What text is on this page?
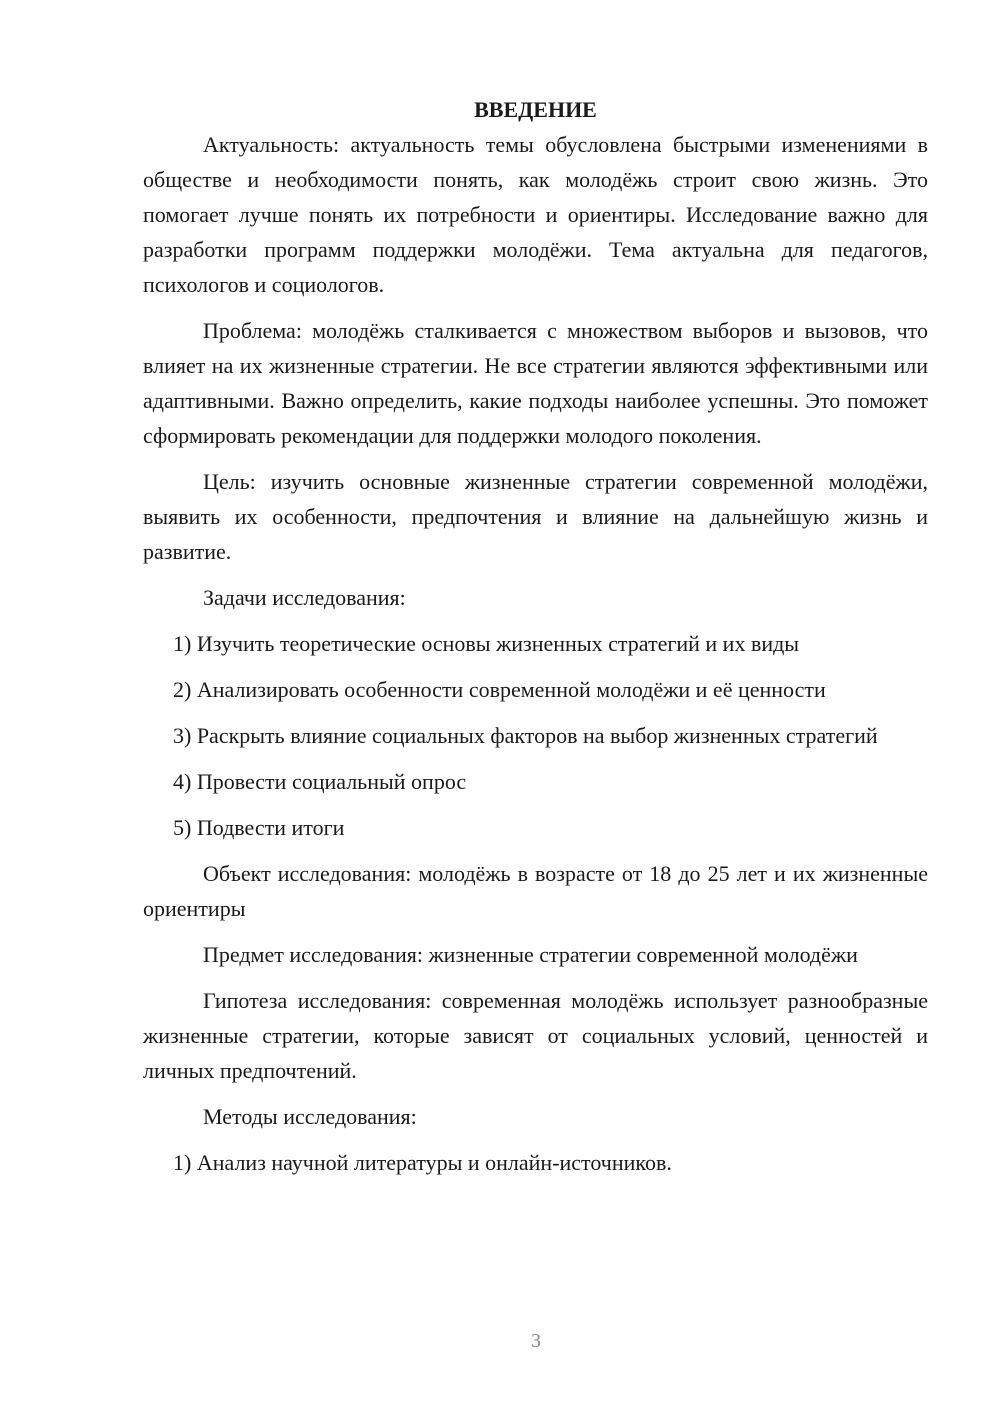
ВВЕДЕНИЕ

Актуальность: актуальность темы обусловлена быстрыми изменениями в обществе и необходимости понять, как молодёжь строит свою жизнь. Это помогает лучше понять их потребности и ориентиры. Исследование важно для разработки программ поддержки молодёжи. Тема актуальна для педагогов, психологов и социологов.

Проблема: молодёжь сталкивается с множеством выборов и вызовов, что влияет на их жизненные стратегии. Не все стратегии являются эффективными или адаптивными. Важно определить, какие подходы наиболее успешны. Это поможет сформировать рекомендации для поддержки молодого поколения.

Цель: изучить основные жизненные стратегии современной молодёжи, выявить их особенности, предпочтения и влияние на дальнейшую жизнь и развитие.

Задачи исследования:

1) Изучить теоретические основы жизненных стратегий и их виды

2) Анализировать особенности современной молодёжи и её ценности

3) Раскрыть влияние социальных факторов на выбор жизненных стратегий

4) Провести социальный опрос

5) Подвести итоги

Объект исследования: молодёжь в возрасте от 18 до 25 лет и их жизненные ориентиры

Предмет исследования: жизненные стратегии современной молодёжи

Гипотеза исследования: современная молодёжь использует разнообразные жизненные стратегии, которые зависят от социальных условий, ценностей и личных предпочтений.

Методы исследования:

1) Анализ научной литературы и онлайн-источников.

3
